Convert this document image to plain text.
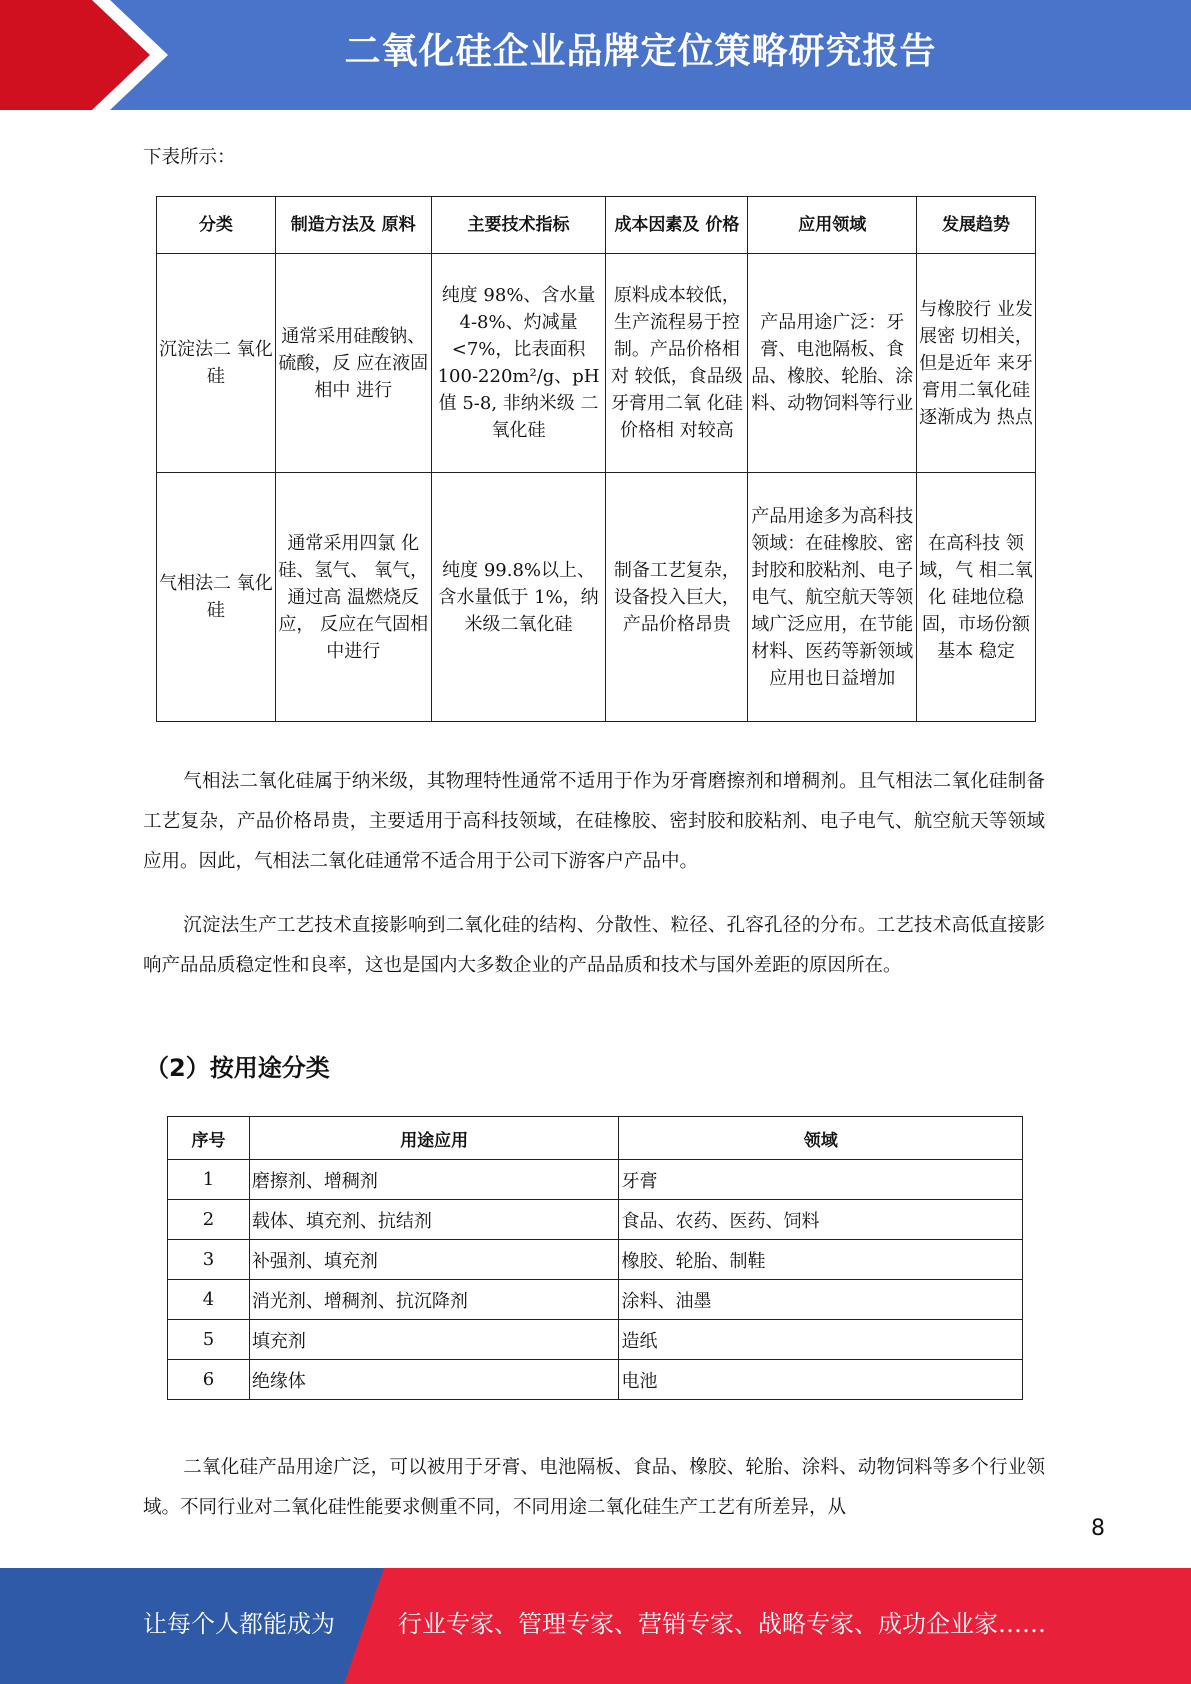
二氧化硅企业品牌定位策略研究报告

下表所示：

分类	制造方法及 原料	主要技术指标	成本因素及 价格	应用领域	发展趋势
沉淀法二 氧化硅	通常采用硅酸钠、硫酸，反 应在液固相中 进行	纯度 98%、含水量 4-8%、灼减量 <7%，比表面积 100-220m²/g、pH 值 5-8, 非纳米级 二氧化硅	原料成本较低，生产流程易于控制。产品价格相对 较低，食品级牙膏用二氧 化硅价格相 对较高	产品用途广泛：牙膏、电池隔板、食品、橡胶、轮胎、涂料、动物饲料等行业	与橡胶行 业发展密 切相关， 但是近年 来牙膏用二氧化硅 逐渐成为 热点
气相法二 氧化硅	通常采用四氯 化硅、氢气、 氧气，通过高 温燃烧反应， 反应在气固相 中进行	纯度 99.8%以上、含水量低于 1%，纳米级二氧化硅	制备工艺复杂，设备投入巨大，产品价格昂贵	产品用途多为高科技领域：在硅橡胶、密封胶和胶粘剂、电子电气、航空航天等领域广泛应用，在节能材料、医药等新领域应用也日益增加	在高科技 领域，气 相二氧化 硅地位稳 固，市场份额基本 稳定

气相法二氧化硅属于纳米级，其物理特性通常不适用于作为牙膏磨擦剂和增稠剂。且气相法二氧化硅制备工艺复杂，产品价格昂贵，主要适用于高科技领域，在硅橡胶、密封胶和胶粘剂、电子电气、航空航天等领域应用。因此，气相法二氧化硅通常不适合用于公司下游客户产品中。

沉淀法生产工艺技术直接影响到二氧化硅的结构、分散性、粒径、孔容孔径的分布。工艺技术高低直接影响产品品质稳定性和良率，这也是国内大多数企业的产品品质和技术与国外差距的原因所在。

（2）按用途分类

序号	用途应用	领域
1	磨擦剂、增稠剂	牙膏
2	载体、填充剂、抗结剂	食品、农药、医药、饲料
3	补强剂、填充剂	橡胶、轮胎、制鞋
4	消光剂、增稠剂、抗沉降剂	涂料、油墨
5	填充剂	造纸
6	绝缘体	电池

二氧化硅产品用途广泛，可以被用于牙膏、电池隔板、食品、橡胶、轮胎、涂料、动物饲料等多个行业领域。不同行业对二氧化硅性能要求侧重不同，不同用途二氧化硅生产工艺有所差异，从

8
让每个人都能成为	行业专家、管理专家、营销专家、战略专家、成功企业家……
